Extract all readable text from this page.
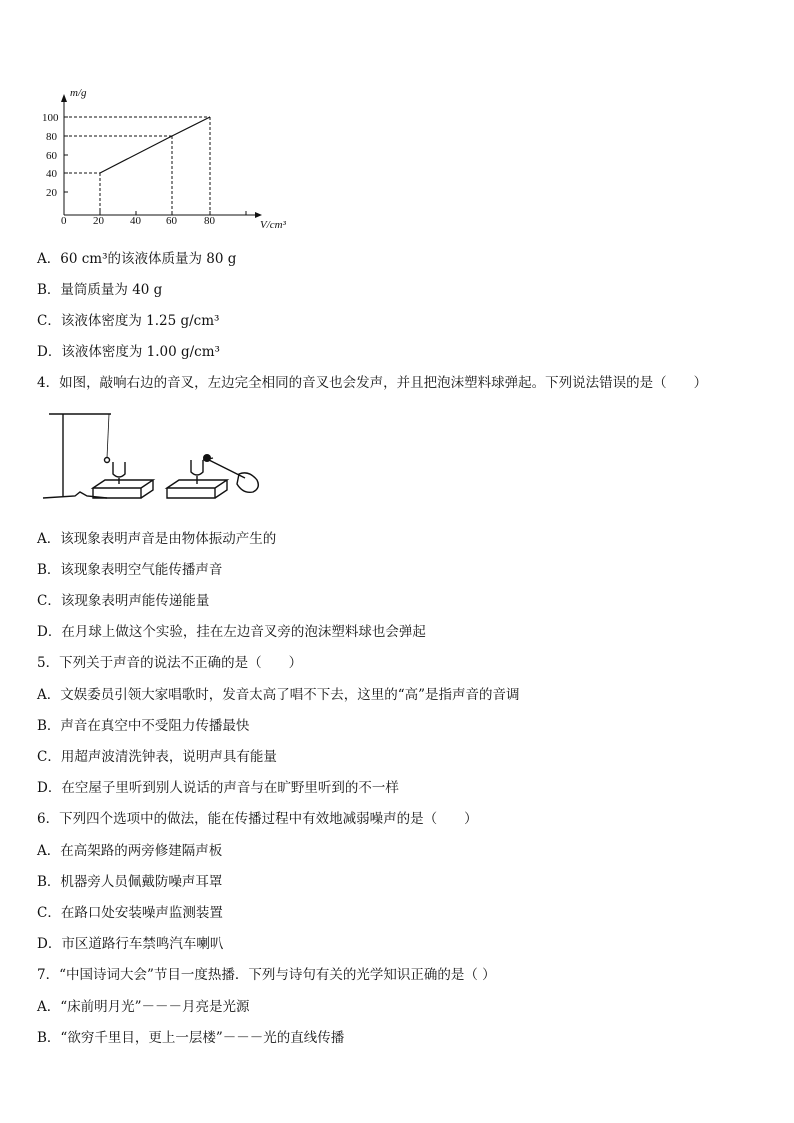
m/g
V/cm³
100
80
60
40
20
0 20 40 60 80
A．60 cm³的该液体质量为 80 g
B．量筒质量为 40 g
C．该液体密度为 1.25 g/cm³
D．该液体密度为 1.00 g/cm³
4．如图，敲响右边的音叉，左边完全相同的音叉也会发声，并且把泡沫塑料球弹起。下列说法错误的是（　　）
A．该现象表明声音是由物体振动产生的
B．该现象表明空气能传播声音
C．该现象表明声能传递能量
D．在月球上做这个实验，挂在左边音叉旁的泡沫塑料球也会弹起
5．下列关于声音的说法不正确的是（　　）
A．文娱委员引领大家唱歌时，发音太高了唱不下去，这里的“高”是指声音的音调
B．声音在真空中不受阻力传播最快
C．用超声波清洗钟表，说明声具有能量
D．在空屋子里听到别人说话的声音与在旷野里听到的不一样
6．下列四个选项中的做法，能在传播过程中有效地减弱噪声的是（　　）
A．在高架路的两旁修建隔声板
B．机器旁人员佩戴防噪声耳罩
C．在路口处安装噪声监测装置
D．市区道路行车禁鸣汽车喇叭
7．“中国诗词大会”节目一度热播．下列与诗句有关的光学知识正确的是（ ）
A．“床前明月光”－－－月亮是光源
B．“欲穷千里目，更上一层楼”－－－光的直线传播
